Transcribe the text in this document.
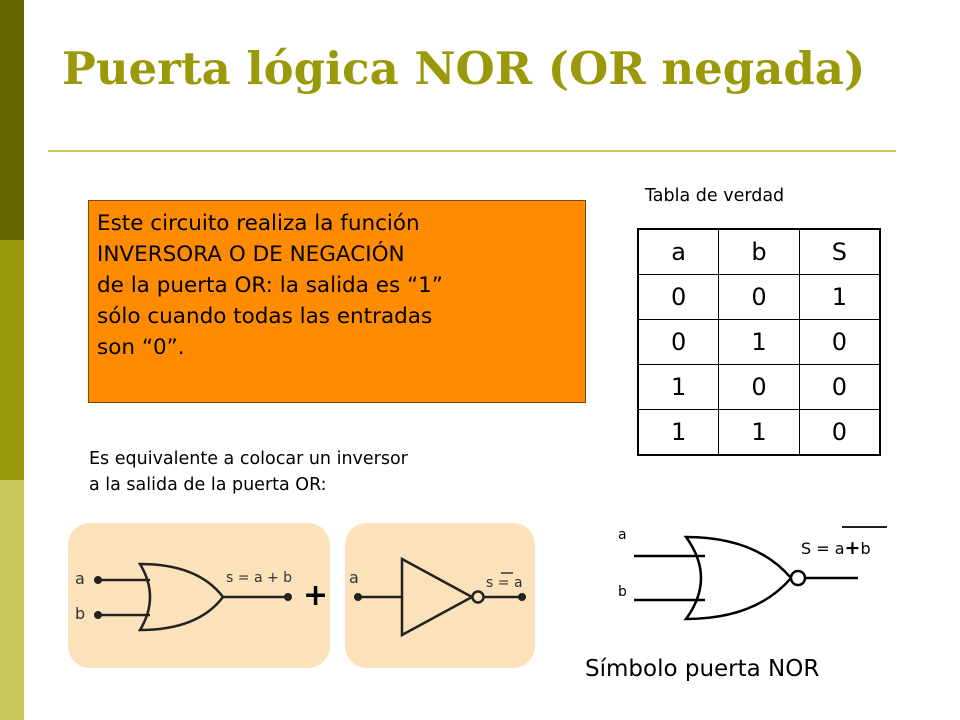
Puerta lógica NOR (OR negada)
Este circuito realiza la función
INVERSORA O DE NEGACIÓN
de la puerta OR: la salida es “1”
sólo cuando todas las entradas
son “0”.
Tabla de verdad
a	b	S
0	0	1
0	1	0
1	0	0
1	1	0
Es equivalente a colocar un inversor
a la salida de la puerta OR:
+
a
b
s = a + b	a	s = a
a
b
S = a+b
Símbolo puerta NOR
